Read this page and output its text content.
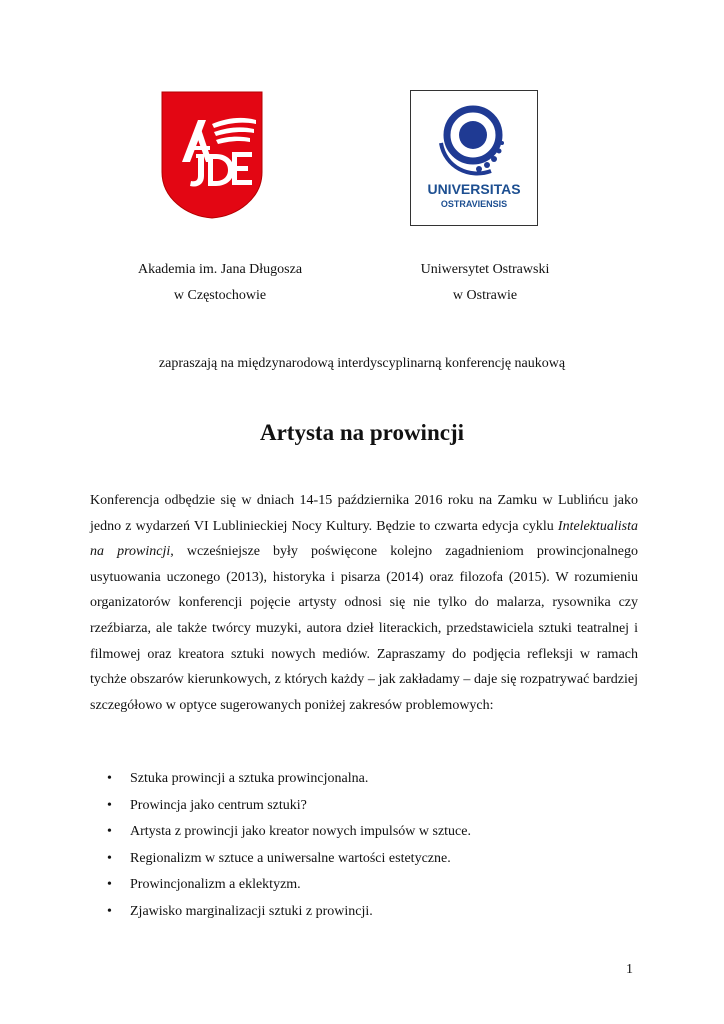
UNIVERSITAS
OSTRAVIENSIS
Akademia im. Jana Długosza
w Częstochowie
Uniwersytet Ostrawski
w Ostrawie
zapraszają na międzynarodową interdyscyplinarną konferencję naukową
Artysta na prowincji

Konferencja odbędzie się w dniach 14-15 października 2016 roku na Zamku w Lublińcu jako jedno z wydarzeń VI Lublinieckiej Nocy Kultury. Będzie to czwarta edycja cyklu Intelektualista na prowincji, wcześniejsze były poświęcone kolejno zagadnieniom prowincjonalnego usytuowania uczonego (2013), historyka i pisarza (2014) oraz filozofa (2015). W rozumieniu organizatorów konferencji pojęcie artysty odnosi się nie tylko do malarza, rysownika czy rzeźbiarza, ale także twórcy muzyki, autora dzieł literackich, przedstawiciela sztuki teatralnej i filmowej oraz kreatora sztuki nowych mediów. Zapraszamy do podjęcia refleksji w ramach tychże obszarów kierunkowych, z których każdy – jak zakładamy – daje się rozpatrywać bardziej szczegółowo w optyce sugerowanych poniżej zakresów problemowych:

• Sztuka prowincji a sztuka prowincjonalna.
• Prowincja jako centrum sztuki?
• Artysta z prowincji jako kreator nowych impulsów w sztuce.
• Regionalizm w sztuce a uniwersalne wartości estetyczne.
• Prowincjonalizm a eklektyzm.
• Zjawisko marginalizacji sztuki z prowincji.
1
